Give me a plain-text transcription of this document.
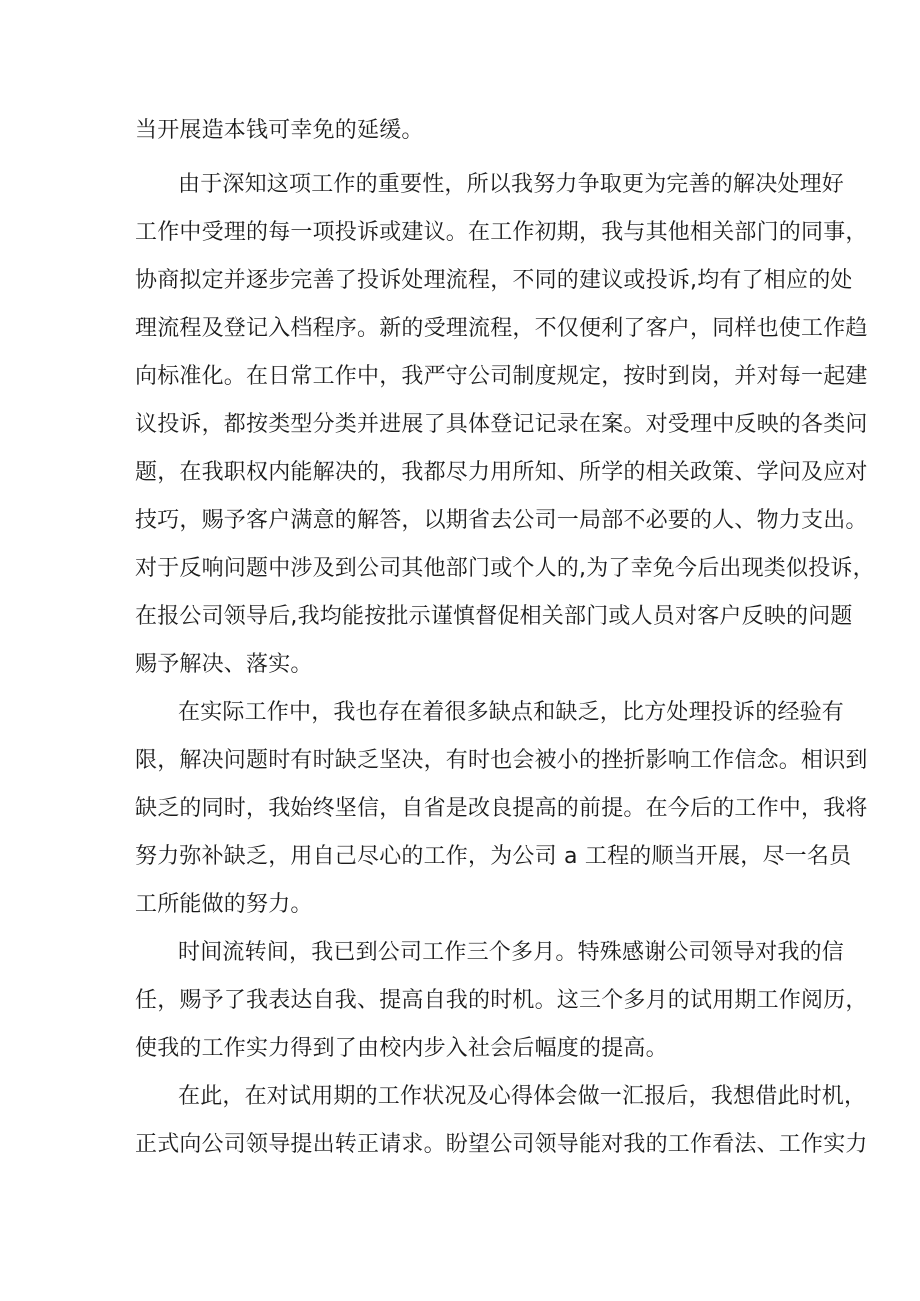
当开展造本钱可幸免的延缓。
由于深知这项工作的重要性，所以我努力争取更为完善的解决处理好
工作中受理的每一项投诉或建议。在工作初期，我与其他相关部门的同事，
协商拟定并逐步完善了投诉处理流程，不同的建议或投诉,均有了相应的处
理流程及登记入档程序。新的受理流程，不仅便利了客户，同样也使工作趋
向标准化。在日常工作中，我严守公司制度规定，按时到岗，并对每一起建
议投诉，都按类型分类并进展了具体登记记录在案。对受理中反映的各类问
题，在我职权内能解决的，我都尽力用所知、所学的相关政策、学问及应对
技巧，赐予客户满意的解答，以期省去公司一局部不必要的人、物力支出。
对于反响问题中涉及到公司其他部门或个人的,为了幸免今后出现类似投诉，
在报公司领导后,我均能按批示谨慎督促相关部门或人员对客户反映的问题
赐予解决、落实。
在实际工作中，我也存在着很多缺点和缺乏，比方处理投诉的经验有
限，解决问题时有时缺乏坚决，有时也会被小的挫折影响工作信念。相识到
缺乏的同时，我始终坚信，自省是改良提高的前提。在今后的工作中，我将
努力弥补缺乏，用自己尽心的工作，为公司 a 工程的顺当开展，尽一名员
工所能做的努力。
时间流转间，我已到公司工作三个多月。特殊感谢公司领导对我的信
任，赐予了我表达自我、提高自我的时机。这三个多月的试用期工作阅历，
使我的工作实力得到了由校内步入社会后幅度的提高。
在此，在对试用期的工作状况及心得体会做一汇报后，我想借此时机，
正式向公司领导提出转正请求。盼望公司领导能对我的工作看法、工作实力
